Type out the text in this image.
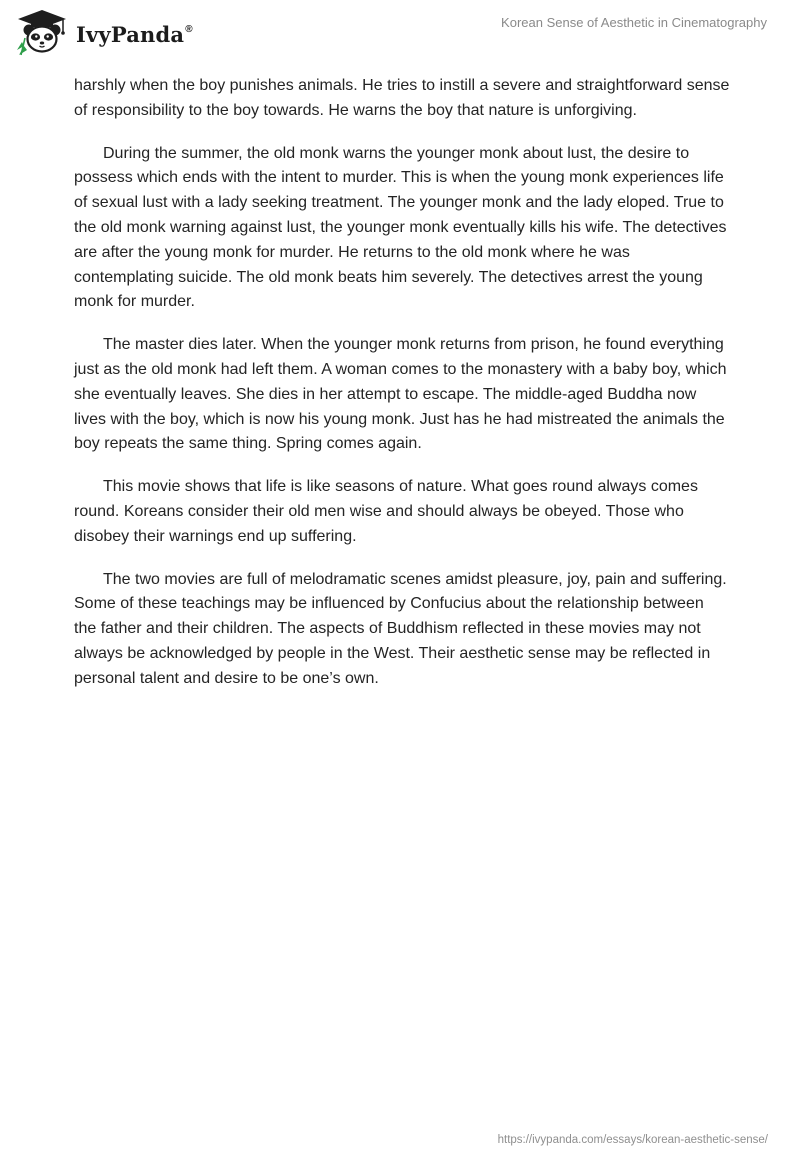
IvyPanda®	Korean Sense of Aesthetic in Cinematography

harshly when the boy punishes animals. He tries to instill a severe and straightforward sense of responsibility to the boy towards. He warns the boy that nature is unforgiving.

During the summer, the old monk warns the younger monk about lust, the desire to possess which ends with the intent to murder. This is when the young monk experiences life of sexual lust with a lady seeking treatment. The younger monk and the lady eloped. True to the old monk warning against lust, the younger monk eventually kills his wife. The detectives are after the young monk for murder. He returns to the old monk where he was contemplating suicide. The old monk beats him severely. The detectives arrest the young monk for murder.

The master dies later. When the younger monk returns from prison, he found everything just as the old monk had left them. A woman comes to the monastery with a baby boy, which she eventually leaves. She dies in her attempt to escape. The middle-aged Buddha now lives with the boy, which is now his young monk. Just has he had mistreated the animals the boy repeats the same thing. Spring comes again.

This movie shows that life is like seasons of nature. What goes round always comes round. Koreans consider their old men wise and should always be obeyed. Those who disobey their warnings end up suffering.

The two movies are full of melodramatic scenes amidst pleasure, joy, pain and suffering. Some of these teachings may be influenced by Confucius about the relationship between the father and their children. The aspects of Buddhism reflected in these movies may not always be acknowledged by people in the West. Their aesthetic sense may be reflected in personal talent and desire to be one’s own.

https://ivypanda.com/essays/korean-aesthetic-sense/
